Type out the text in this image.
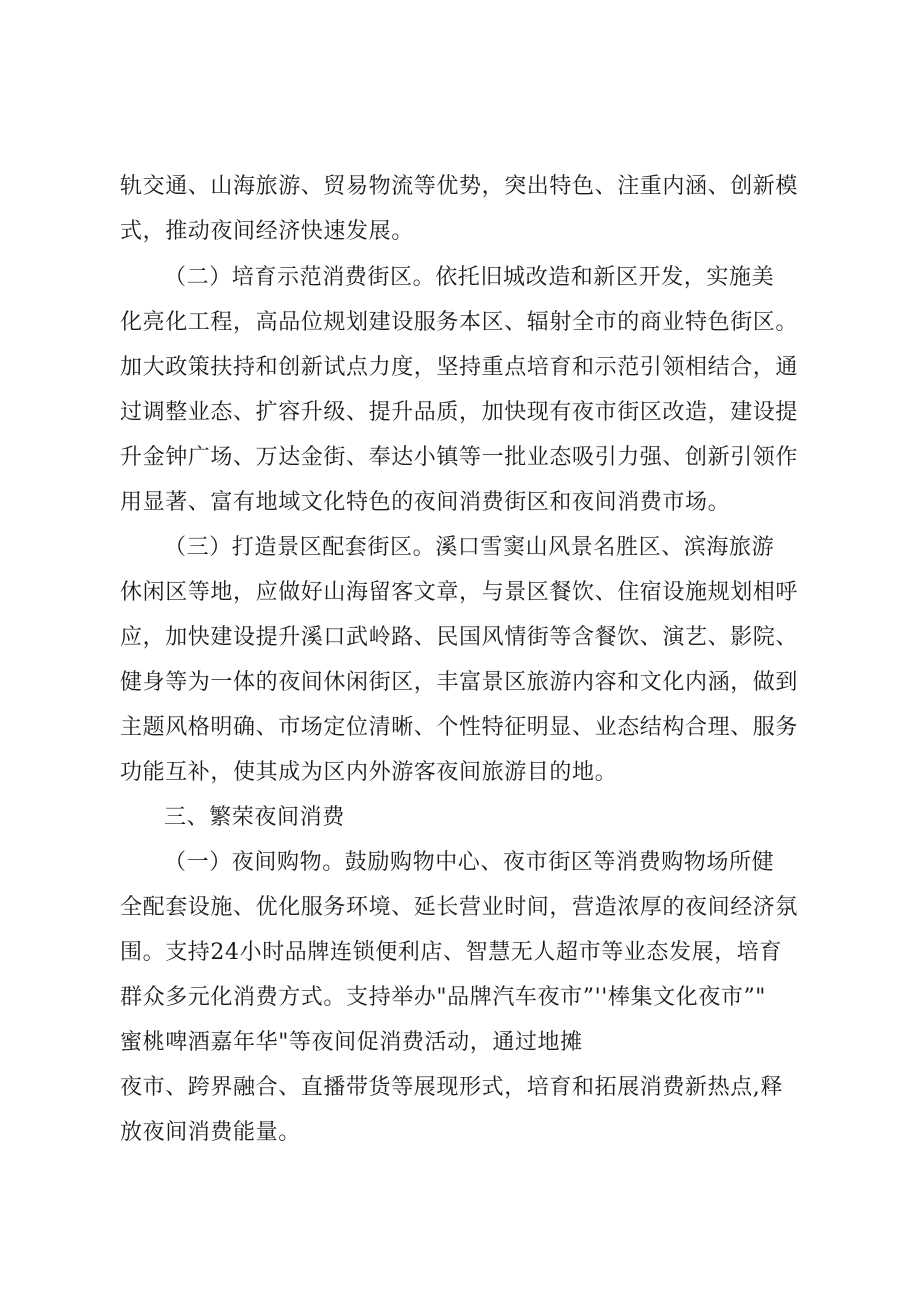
轨交通、山海旅游、贸易物流等优势，突出特色、注重内涵、创新模
式，推动夜间经济快速发展。
（二）培育示范消费街区。依托旧城改造和新区开发，实施美
化亮化工程，高品位规划建设服务本区、辐射全市的商业特色街区。
加大政策扶持和创新试点力度，坚持重点培育和示范引领相结合，通
过调整业态、扩容升级、提升品质，加快现有夜市街区改造，建设提
升金钟广场、万达金街、奉达小镇等一批业态吸引力强、创新引领作
用显著、富有地域文化特色的夜间消费街区和夜间消费市场。
（三）打造景区配套街区。溪口雪窦山风景名胜区、滨海旅游
休闲区等地，应做好山海留客文章，与景区餐饮、住宿设施规划相呼
应，加快建设提升溪口武岭路、民国风情街等含餐饮、演艺、影院、
健身等为一体的夜间休闲街区，丰富景区旅游内容和文化内涵，做到
主题风格明确、市场定位清晰、个性特征明显、业态结构合理、服务
功能互补，使其成为区内外游客夜间旅游目的地。
三、繁荣夜间消费
（一）夜间购物。鼓励购物中心、夜市街区等消费购物场所健
全配套设施、优化服务环境、延长营业时间，营造浓厚的夜间经济氛
围。支持24小时品牌连锁便利店、智慧无人超市等业态发展，培育
群众多元化消费方式。支持举办"品牌汽车夜市”''棒集文化夜市”"
蜜桃啤酒嘉年华"等夜间促消费活动，通过地摊
夜市、跨界融合、直播带货等展现形式，培育和拓展消费新热点,释
放夜间消费能量。
